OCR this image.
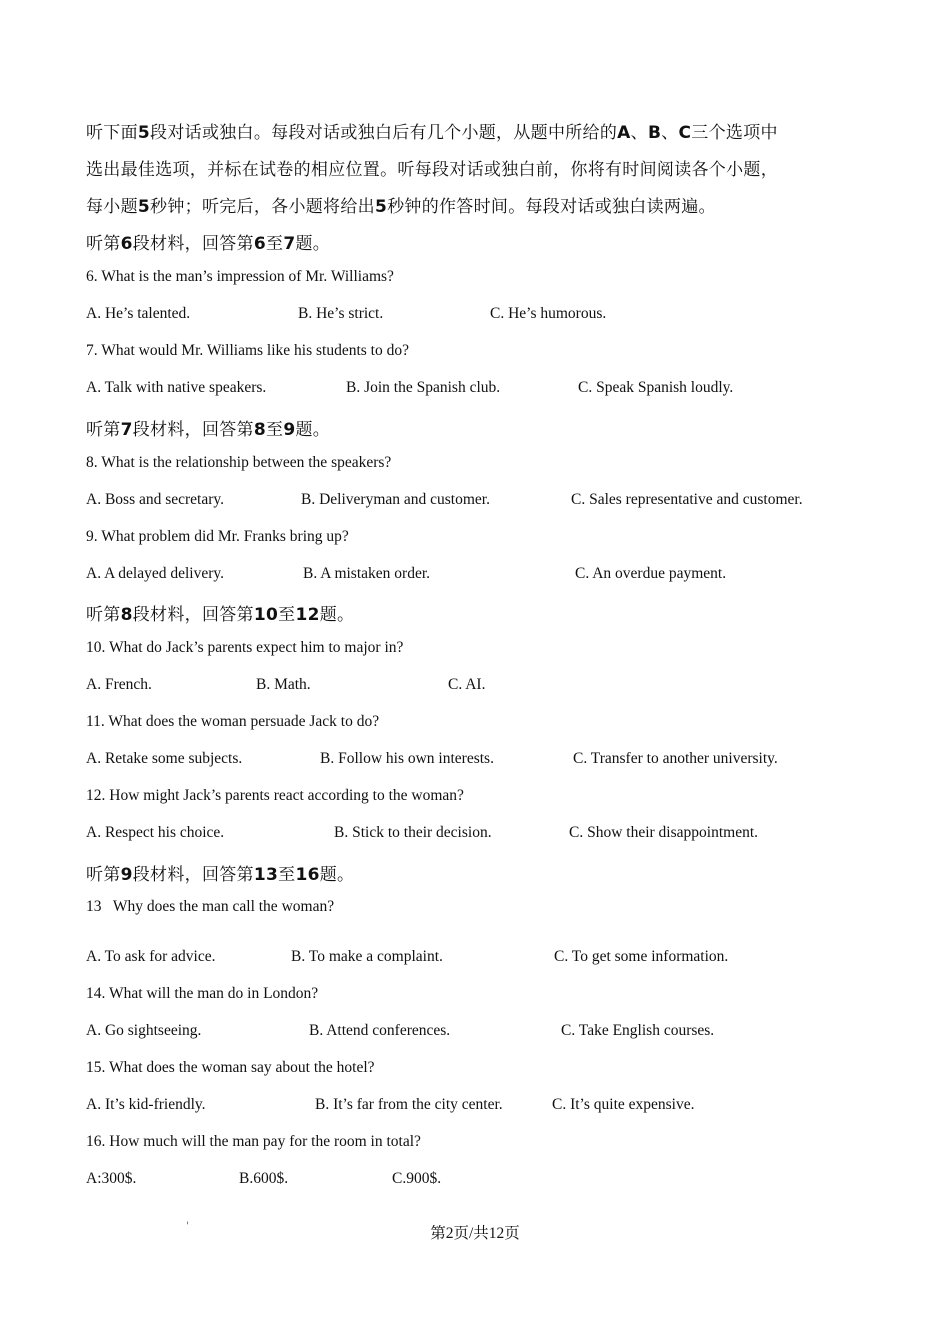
听下面5段对话或独白。每段对话或独白后有几个小题，从题中所给的A、B、C三个选项中
选出最佳选项，并标在试卷的相应位置。听每段对话或独白前，你将有时间阅读各个小题，
每小题5秒钟；听完后，各小题将给出5秒钟的作答时间。每段对话或独白读两遍。
听第6段材料，回答第6至7题。
6. What is the man’s impression of Mr. Williams?
A. He’s talented.	B. He’s strict.	C. He’s humorous.
7. What would Mr. Williams like his students to do?
A. Talk with native speakers.	B. Join the Spanish club.	C. Speak Spanish loudly.
听第7段材料，回答第8至9题。
8. What is the relationship between the speakers?
A. Boss and secretary.	B. Deliveryman and customer.	C. Sales representative and customer.
9. What problem did Mr. Franks bring up?
A. A delayed delivery.	B. A mistaken order.	C. An overdue payment.
听第8段材料，回答第10至12题。
10. What do Jack’s parents expect him to major in?
A. French.	B. Math.	C. AI.
11. What does the woman persuade Jack to do?
A. Retake some subjects.	B. Follow his own interests.	C. Transfer to another university.
12. How might Jack’s parents react according to the woman?
A. Respect his choice.	B. Stick to their decision.	C. Show their disappointment.
听第9段材料，回答第13至16题。
13   Why does the man call the woman?
A. To ask for advice.	B. To make a complaint.	C. To get some information.
14. What will the man do in London?
A. Go sightseeing.	B. Attend conferences.	C. Take English courses.
15. What does the woman say about the hotel?
A. It’s kid-friendly.	B. It’s far from the city center.	C. It’s quite expensive.
16. How much will the man pay for the room in total?
A:300$.	B.600$.	C.900$.
'	第2页/共12页
